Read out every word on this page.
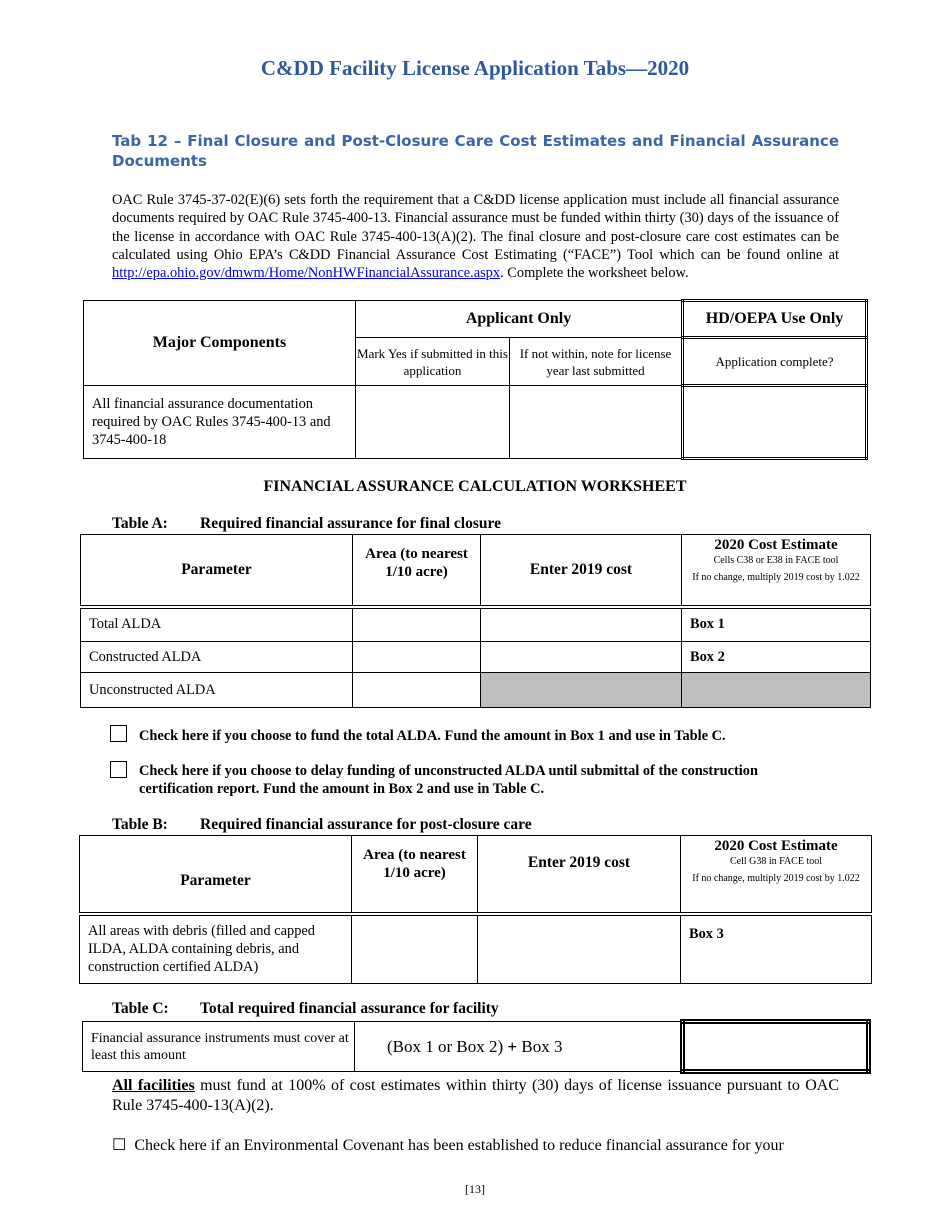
C&DD Facility License Application Tabs—2020
Tab 12 – Final Closure and Post-Closure Care Cost Estimates and Financial Assurance Documents
OAC Rule 3745-37-02(E)(6) sets forth the requirement that a C&DD license application must include all financial assurance documents required by OAC Rule 3745-400-13. Financial assurance must be funded within thirty (30) days of the issuance of the license in accordance with OAC Rule 3745-400-13(A)(2). The final closure and post-closure care cost estimates can be calculated using Ohio EPA’s C&DD Financial Assurance Cost Estimating (“FACE”) Tool which can be found online at http://epa.ohio.gov/dmwm/Home/NonHWFinancialAssurance.aspx. Complete the worksheet below.
Major Components	Applicant Only		HD/OEPA Use Only
	Mark Yes if submitted in this application	If not within, note for license year last submitted	Application complete?
All financial assurance documentation required by OAC Rules 3745-400-13 and 3745-400-18			
FINANCIAL ASSURANCE CALCULATION WORKSHEET
Table A: Required financial assurance for final closure
Parameter	Area (to nearest 1/10 acre)	Enter 2019 cost	2020 Cost Estimate
Cells C38 or E38 in FACE tool
If no change, multiply 2019 cost by 1.022

Total ALDA			Box 1
Constructed ALDA			Box 2
Unconstructed ALDA			
Check here if you choose to fund the total ALDA. Fund the amount in Box 1 and use in Table C.
Check here if you choose to delay funding of unconstructed ALDA until submittal of the construction certification report. Fund the amount in Box 2 and use in Table C.
Table B: Required financial assurance for post-closure care
Parameter	Area (to nearest 1/10 acre)	Enter 2019 cost	2020 Cost Estimate
Cell G38 in FACE tool
If no change, multiply 2019 cost by 1.022

All areas with debris (filled and capped ILDA, ALDA containing debris, and construction certified ALDA)			Box 3
Table C: Total required financial assurance for facility
Financial assurance instruments must cover at least this amount	(Box 1 or Box 2) + Box 3	
All facilities must fund at 100% of cost estimates within thirty (30) days of license issuance pursuant to OAC Rule 3745-400-13(A)(2).
☐ Check here if an Environmental Covenant has been established to reduce financial assurance for your
[13]
